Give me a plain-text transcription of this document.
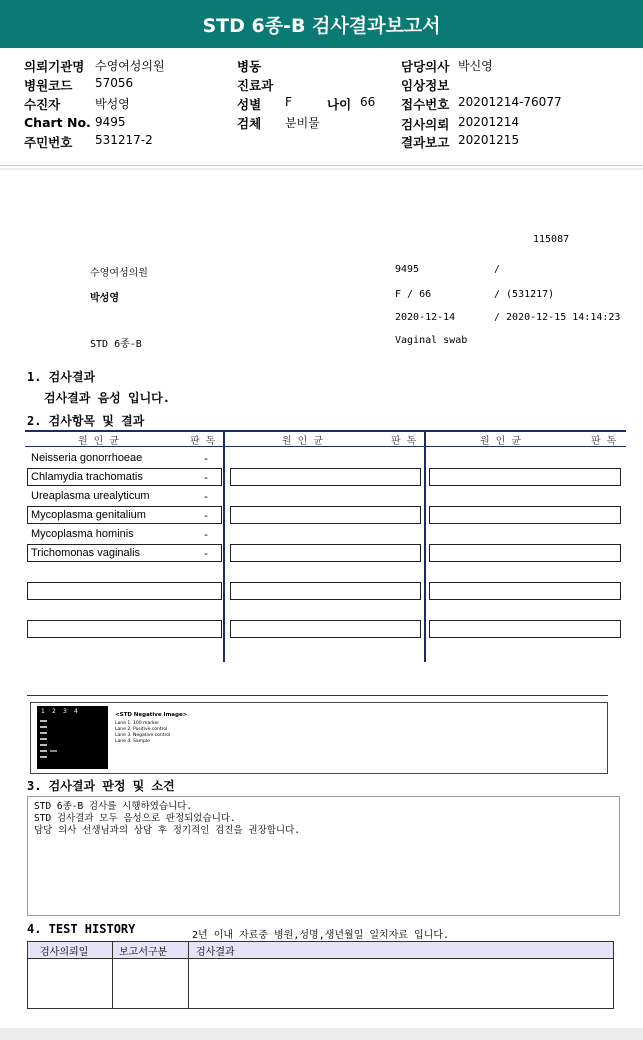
STD 6종-B 검사결과보고서
의뢰기관명 수영여성의원
병원코드 57056
수진자	박성영
Chart No. 9495
주민번호 531217-2
병동
진료과
성별 F	나이 66
검체 분비물
담당의사 박신영
임상정보
접수번호 20201214-76077
검사의뢰 20201214
결과보고 20201215
115087
수영여성의원	9495	/
박성영	F / 66	/ (531217)
2020-12-14	/ 2020-12-15 14:14:23
STD 6종-B	Vaginal swab
1. 검사결과
검사결과 음성 입니다.
2. 검사항목 및 결과
원 인 균	판 독	원 인 균	판 독	원 인 균	판 독
Neisseria gonorrhoeae	-
Chlamydia trachomatis	-
Ureaplasma urealyticum	-
Mycoplasma genitalium	-
Mycoplasma hominis	-
Trichomonas vaginalis	-
1 2 3 4	<STD Negative Image>
Lane 1. 100 marker
Lane 2. Positive control
Lane 3. Negative control
Lane 4. Sample
3. 검사결과 판정 및 소견
STD 6종-B 검사를 시행하였습니다.
STD 검사결과 모두 음성으로 판정되었습니다.
담당 의사 선생님과의 상담 후 정기적인 검진을 권장합니다.
4. TEST HISTORY	2년 이내 자료중 병원,성명,생년월일 일치자료 입니다.
검사의뢰일	보고서구분	검사결과
